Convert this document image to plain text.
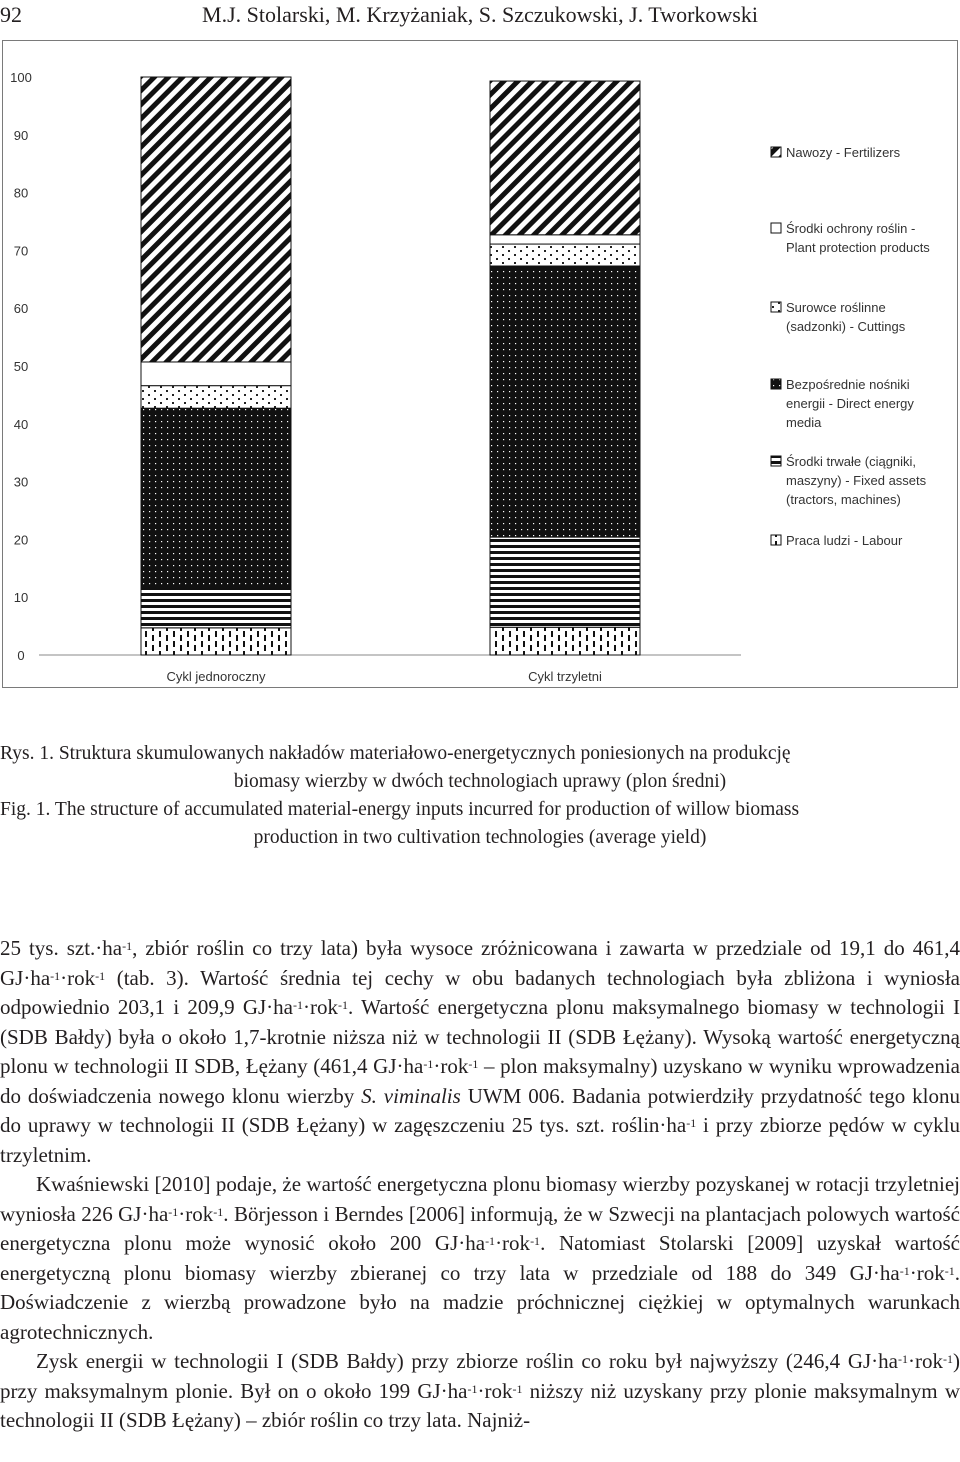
92	M.J. Stolarski, M. Krzyżaniak, S. Szczukowski, J. Tworkowski
0
10
20
30
40
50
60
70
80
90
100
Cykl jednoroczny	Cykl trzyletni
Nawozy - Fertilizers
Środki ochrony roślin -
Plant protection products
Surowce roślinne
(sadzonki) - Cuttings
Bezpośrednie nośniki
energii - Direct energy
media
Środki trwałe (ciągniki,
maszyny) - Fixed assets
(tractors, machines)
Praca ludzi - Labour
Rys. 1. Struktura skumulowanych nakładów materiałowo-energetycznych poniesionych na produkcję
biomasy wierzby w dwóch technologiach uprawy (plon średni)
Fig. 1. The structure of accumulated material-energy inputs incurred for production of willow biomass
production in two cultivation technologies (average yield)

25 tys. $szt.\cdot ha^{-1}$, zbiór roślin co trzy lata) była wysoce zróżnicowana i zawarta w przedziale od 19,1 do 461,4 $GJ\cdot ha^{-1}\cdot rok^{-1}$ (tab. 3). Wartość średnia tej cechy w obu badanych technologiach była zbliżona i wyniosła odpowiednio 203,1 i 209,9 $GJ\cdot ha^{-1}\cdot rok^{-1}$. Wartość energetyczna plonu maksymalnego biomasy w technologii I (SDB Bałdy) była o około 1,7-krotnie niższa niż w technologii II (SDB Łężany). Wysoką wartość energetyczną plonu w technologii II SDB, Łężany (461,4 $GJ\cdot ha^{-1}\cdot rok^{-1}$ – plon maksymalny) uzyskano w wyniku wprowadzenia do doświadczenia nowego klonu wierzby S. viminalis UWM 006. Badania potwierdziły przydatność tego klonu do uprawy w technologii II (SDB Łężany) w zagęszczeniu 25 tys. szt. $roślin\cdot ha^{-1}$ i przy zbiorze pędów w cyklu trzyletnim.

Kwaśniewski [2010] podaje, że wartość energetyczna plonu biomasy wierzby pozyskanej w rotacji trzyletniej wyniosła 226 $GJ\cdot ha^{-1}\cdot rok^{-1}$. Börjesson i Berndes [2006] informują, że w Szwecji na plantacjach polowych wartość energetyczna plonu może wynosić około 200 $GJ\cdot ha^{-1}\cdot rok^{-1}$. Natomiast Stolarski [2009] uzyskał wartość energetyczną plonu biomasy wierzby zbieranej co trzy lata w przedziale od 188 do 349 $GJ\cdot ha^{-1}\cdot rok^{-1}$. Doświadczenie z wierzbą prowadzone było na madzie próchnicznej ciężkiej w optymalnych warunkach agrotechnicznych.

Zysk energii w technologii I (SDB Bałdy) przy zbiorze roślin co roku był najwyższy (246,4 $GJ\cdot ha^{-1}\cdot rok^{-1}$) przy maksymalnym plonie. Był on o około 199 $GJ\cdot ha^{-1}\cdot rok^{-1}$ niższy niż uzyskany przy plonie maksymalnym w technologii II (SDB Łężany) – zbiór roślin co trzy lata. Najniż-
